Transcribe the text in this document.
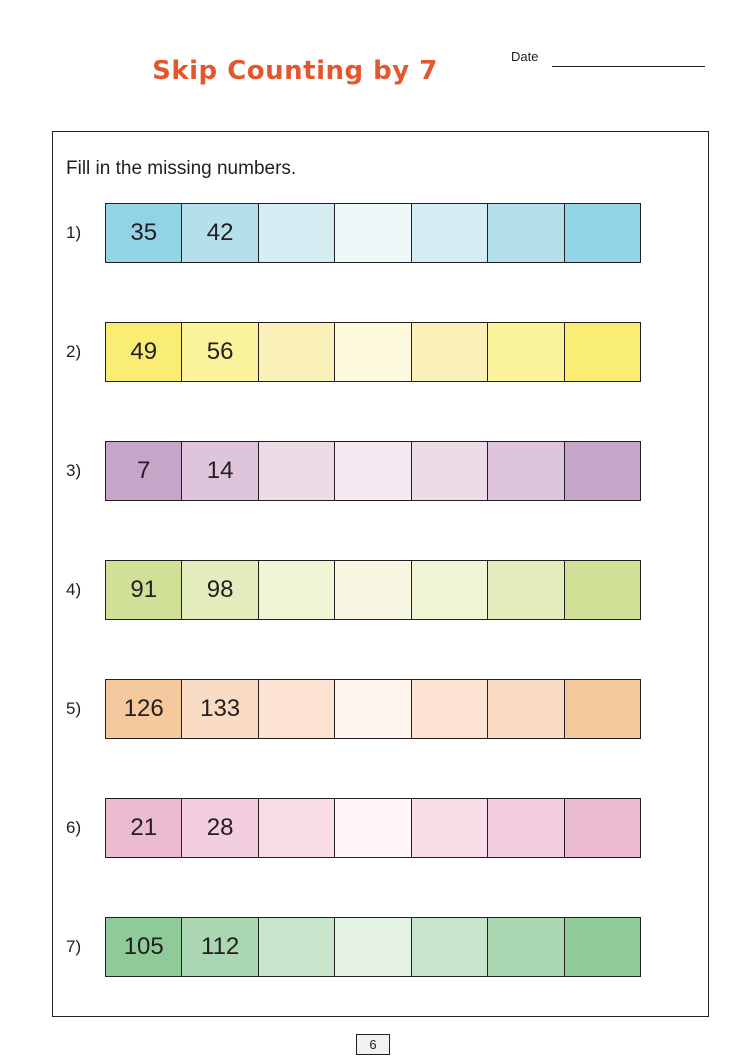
Skip Counting by 7	Date
Fill in the missing numbers.
1)	35	42
2)	49	56
3)	7	14
4)	91	98
5)	126	133
6)	21	28
7)	105	112
6
